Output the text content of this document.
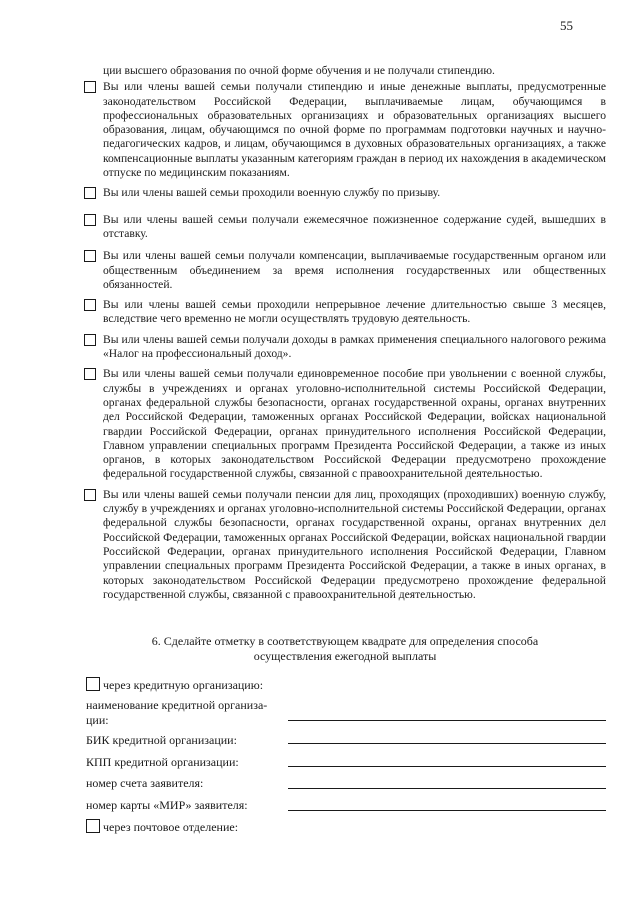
55

ции высшего образования по очной форме обучения и не получали стипендию.

Вы или члены вашей семьи получали стипендию и иные денежные выплаты, предусмотренные законодательством Российской Федерации, выплачиваемые лицам, обучающимся в профессиональных образовательных организациях и образовательных организациях высшего образования, лицам, обучающимся по очной форме по программам подготовки научных и научно-педагогических кадров, и лицам, обучающимся в духовных образовательных организациях, а также компенсационные выплаты указанным категориям граждан в период их нахождения в академическом отпуске по медицинским показаниям.
Вы или члены вашей семьи проходили военную службу по призыву.
Вы или члены вашей семьи получали ежемесячное пожизненное содержание судей, вышедших в отставку.
Вы или члены вашей семьи получали компенсации, выплачиваемые государственным органом или общественным объединением за время исполнения государственных или общественных обязанностей.
Вы или члены вашей семьи проходили непрерывное лечение длительностью свыше 3 месяцев, вследствие чего временно не могли осуществлять трудовую деятельность.
Вы или члены вашей семьи получали доходы в рамках применения специального налогового режима «Налог на профессиональный доход».
Вы или члены вашей семьи получали единовременное пособие при увольнении с военной службы, службы в учреждениях и органах уголовно-исполнительной системы Российской Федерации, органах федеральной службы безопасности, органах государственной охраны, органах внутренних дел Российской Федерации, таможенных органах Российской Федерации, войсках национальной гвардии Российской Федерации, органах принудительного исполнения Российской Федерации, Главном управлении специальных программ Президента Российской Федерации, а также из иных органов, в которых законодательством Российской Федерации предусмотрено прохождение федеральной государственной службы, связанной с правоохранительной деятельностью.
Вы или члены вашей семьи получали пенсии для лиц, проходящих (проходивших) военную службу, службу в учреждениях и органах уголовно-исполнительной системы Российской Федерации, органах федеральной службы безопасности, органах государственной охраны, органах внутренних дел Российской Федерации, таможенных органах Российской Федерации, войсках национальной гвардии Российской Федерации, органах принудительного исполнения Российской Федерации, Главном управлении специальных программ Президента Российской Федерации, а также в иных органах, в которых законодательством Российской Федерации предусмотрено прохождение федеральной государственной службы, связанной с правоохранительной деятельностью.
6. Сделайте отметку в соответствующем квадрате для определения способа
осуществления ежегодной выплаты
через кредитную организацию:
наименование кредитной организа-
ции:
БИК кредитной организации:
КПП кредитной организации:
номер счета заявителя:
номер карты «МИР» заявителя:
через почтовое отделение:
